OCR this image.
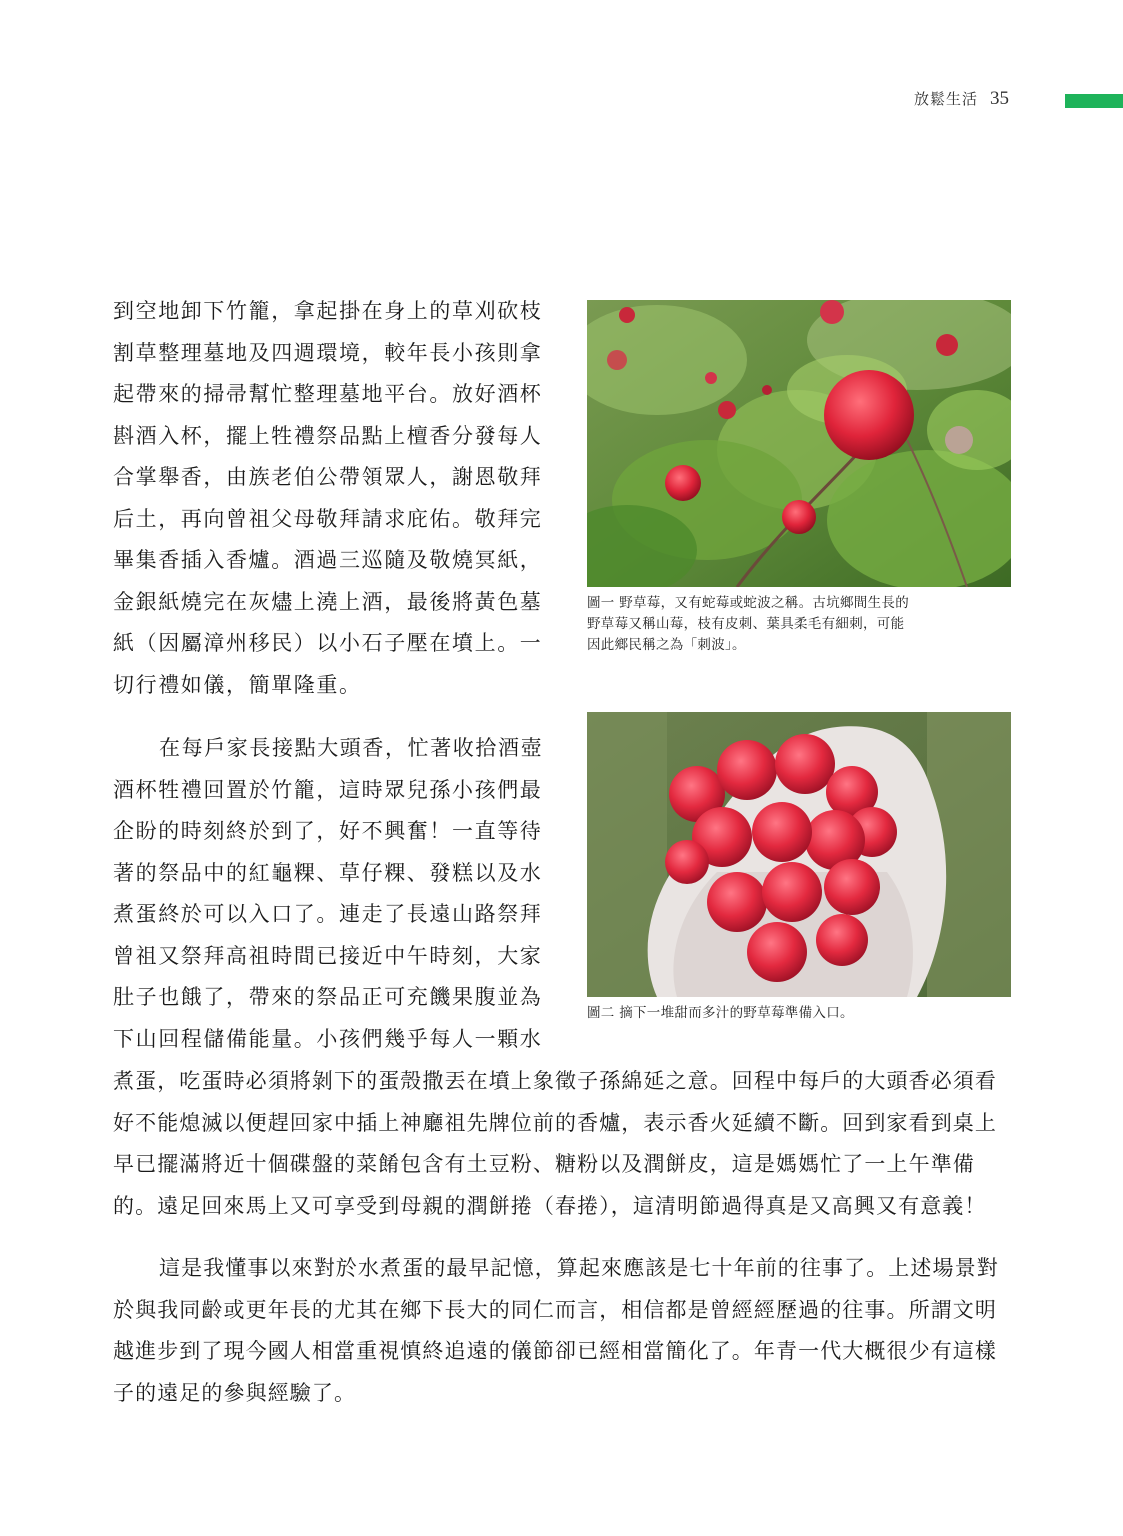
放鬆生活 35
到空地卸下竹籠，拿起掛在身上的草刈砍枝
割草整理墓地及四週環境，較年長小孩則拿
起帶來的掃帚幫忙整理墓地平台。放好酒杯
斟酒入杯，擺上牲禮祭品點上檀香分發每人
合掌舉香，由族老伯公帶領眾人，謝恩敬拜
后土，再向曾祖父母敬拜請求庇佑。敬拜完
畢集香插入香爐。酒過三巡隨及敬燒冥紙，
金銀紙燒完在灰燼上澆上酒，最後將黃色墓
紙（因屬漳州移民）以小石子壓在墳上。一
切行禮如儀，簡單隆重。
在每戶家長接點大頭香，忙著收拾酒壺
酒杯牲禮回置於竹籠，這時眾兒孫小孩們最
企盼的時刻終於到了，好不興奮！一直等待
著的祭品中的紅龜粿、草仔粿、發糕以及水
煮蛋終於可以入口了。連走了長遠山路祭拜
曾祖又祭拜高祖時間已接近中午時刻，大家
肚子也餓了，帶來的祭品正可充饑果腹並為
下山回程儲備能量。小孩們幾乎每人一顆水
圖一 野草莓，又有蛇莓或蛇波之稱。古坑鄉間生長的
野草莓又稱山莓，枝有皮刺、葉具柔毛有細刺，可能
因此鄉民稱之為「刺波」。
圖二 摘下一堆甜而多汁的野草莓準備入口。
煮蛋，吃蛋時必須將剝下的蛋殼撒丟在墳上象徵子孫綿延之意。回程中每戶的大頭香必須看
好不能熄滅以便趕回家中插上神廳祖先牌位前的香爐，表示香火延續不斷。回到家看到桌上
早已擺滿將近十個碟盤的菜餚包含有土豆粉、糖粉以及潤餅皮，這是媽媽忙了一上午準備
的。遠足回來馬上又可享受到母親的潤餅捲（春捲），這清明節過得真是又高興又有意義！
這是我懂事以來對於水煮蛋的最早記憶，算起來應該是七十年前的往事了。上述場景對
於與我同齡或更年長的尤其在鄉下長大的同仁而言，相信都是曾經經歷過的往事。所謂文明
越進步到了現今國人相當重視慎終追遠的儀節卻已經相當簡化了。年青一代大概很少有這樣
子的遠足的參與經驗了。
